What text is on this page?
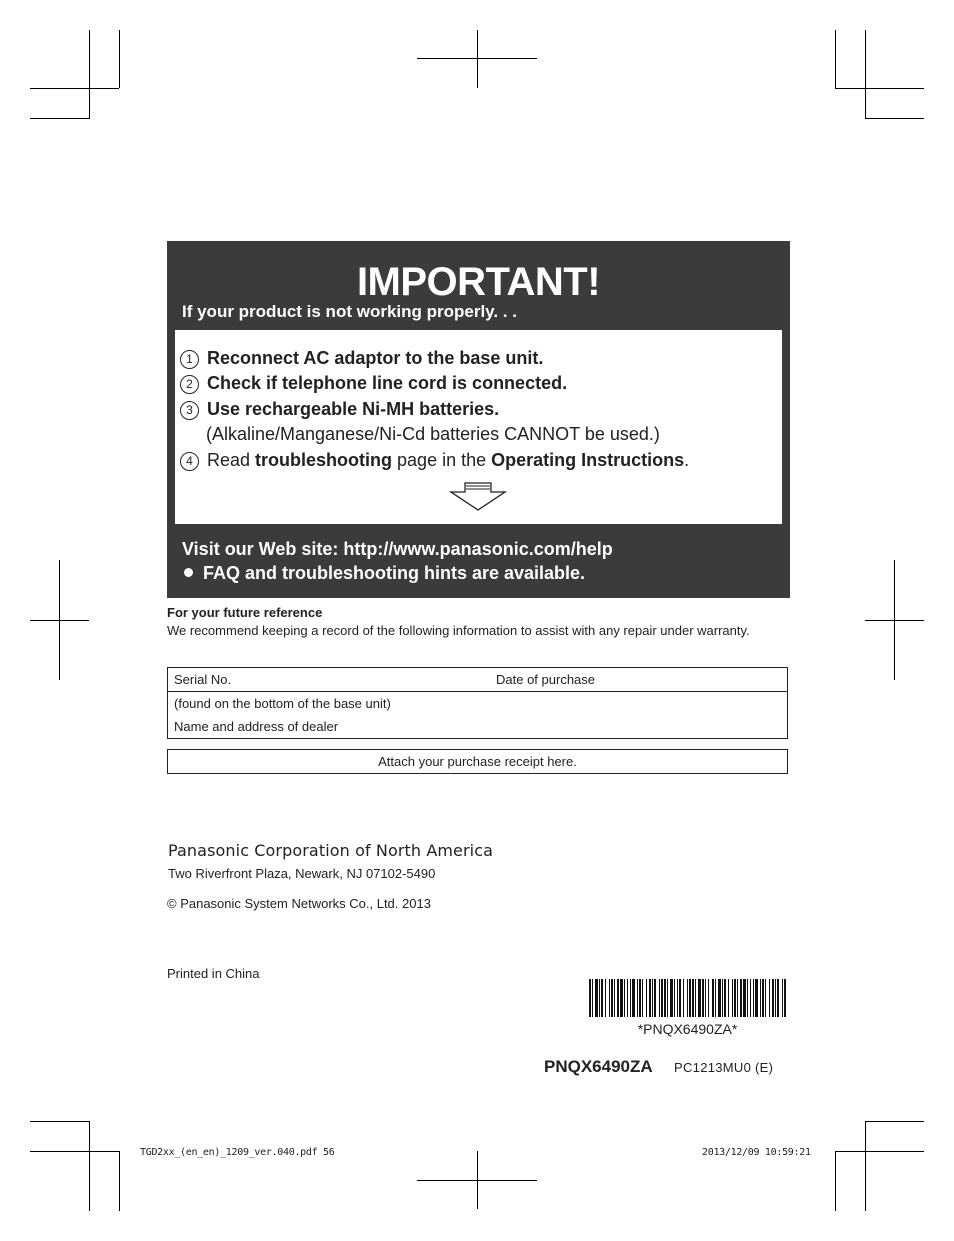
IMPORTANT!
If your product is not working properly. . .
1 Reconnect AC adaptor to the base unit.
2 Check if telephone line cord is connected.
3 Use rechargeable Ni-MH batteries.
(Alkaline/Manganese/Ni-Cd batteries CANNOT be used.)
4 Read troubleshooting page in the Operating Instructions.
Visit our Web site: http://www.panasonic.com/help
FAQ and troubleshooting hints are available.
For your future reference
We recommend keeping a record of the following information to assist with any repair under warranty.
Serial No.	Date of purchase
(found on the bottom of the base unit)
Name and address of dealer
Attach your purchase receipt here.
Panasonic Corporation of North America
Two Riverfront Plaza, Newark, NJ 07102-5490
© Panasonic System Networks Co., Ltd. 2013
Printed in China
*PNQX6490ZA*
PNQX6490ZA PC1213MU0 (E)
TGD2xx_(en_en)_1209_ver.040.pdf 56	2013/12/09 10:59:21
